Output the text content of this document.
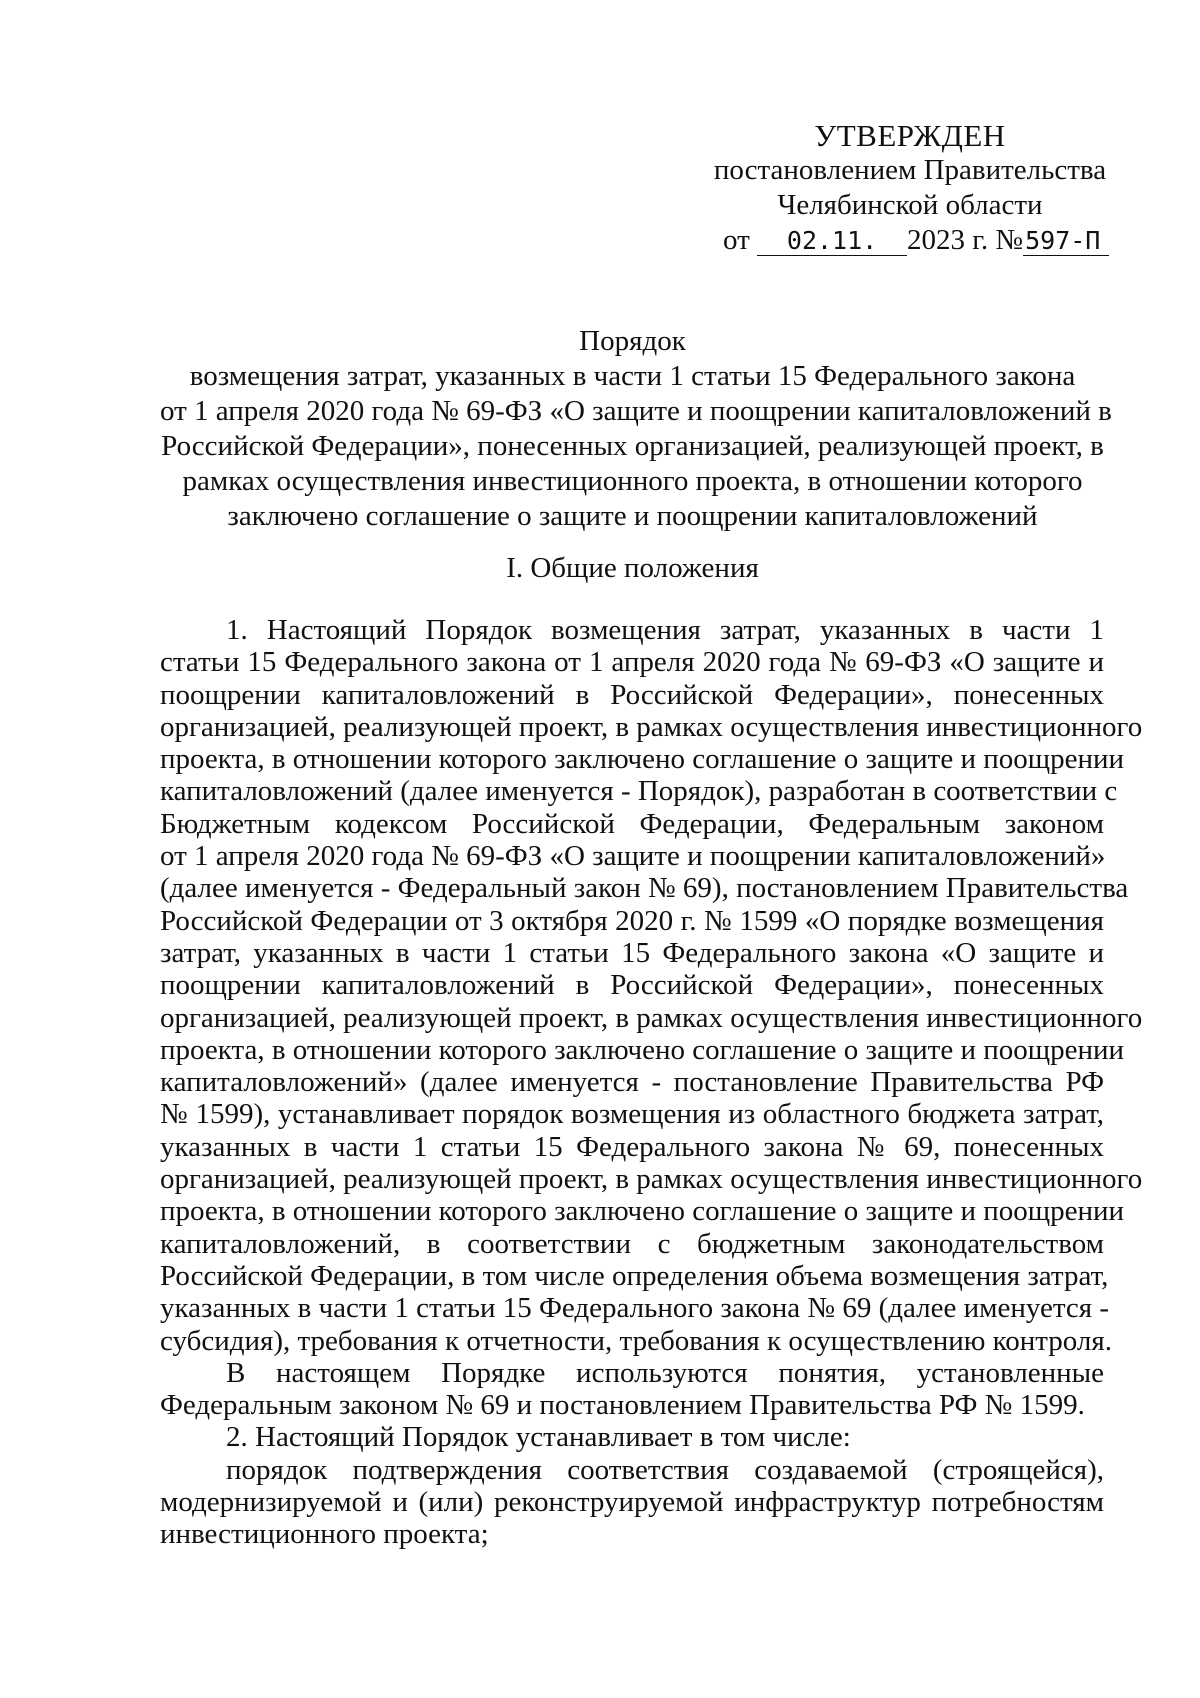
УТВЕРЖДЕН
постановлением Правительства
Челябинской области
от 02.11. 2023 г. №597-П
Порядок
возмещения затрат, указанных в части 1 статьи 15 Федерального закона
от 1 апреля 2020 года № 69-ФЗ «О защите и поощрении капиталовложений в
Российской Федерации», понесенных организацией, реализующей проект, в
рамках осуществления инвестиционного проекта, в отношении которого
заключено соглашение о защите и поощрении капиталовложений
I. Общие положения
1. Настоящий Порядок возмещения затрат, указанных в части 1
статьи 15 Федерального закона от 1 апреля 2020 года № 69-ФЗ «О защите и
поощрении капиталовложений в Российской Федерации», понесенных
организацией, реализующей проект, в рамках осуществления инвестиционного
проекта, в отношении которого заключено соглашение о защите и поощрении
капиталовложений (далее именуется - Порядок), разработан в соответствии с
Бюджетным кодексом Российской Федерации, Федеральным законом
от 1 апреля 2020 года № 69-ФЗ «О защите и поощрении капиталовложений»
(далее именуется - Федеральный закон № 69), постановлением Правительства
Российской Федерации от 3 октября 2020 г. № 1599 «О порядке возмещения
затрат, указанных в части 1 статьи 15 Федерального закона «О защите и
поощрении капиталовложений в Российской Федерации», понесенных
организацией, реализующей проект, в рамках осуществления инвестиционного
проекта, в отношении которого заключено соглашение о защите и поощрении
капиталовложений» (далее именуется - постановление Правительства РФ
№ 1599), устанавливает порядок возмещения из областного бюджета затрат,
указанных в части 1 статьи 15 Федерального закона № 69, понесенных
организацией, реализующей проект, в рамках осуществления инвестиционного
проекта, в отношении которого заключено соглашение о защите и поощрении
капиталовложений, в соответствии с бюджетным законодательством
Российской Федерации, в том числе определения объема возмещения затрат,
указанных в части 1 статьи 15 Федерального закона № 69 (далее именуется -
субсидия), требования к отчетности, требования к осуществлению контроля.
В настоящем Порядке используются понятия, установленные
Федеральным законом № 69 и постановлением Правительства РФ № 1599.
2. Настоящий Порядок устанавливает в том числе:
порядок подтверждения соответствия создаваемой (строящейся),
модернизируемой и (или) реконструируемой инфраструктур потребностям
инвестиционного проекта;
